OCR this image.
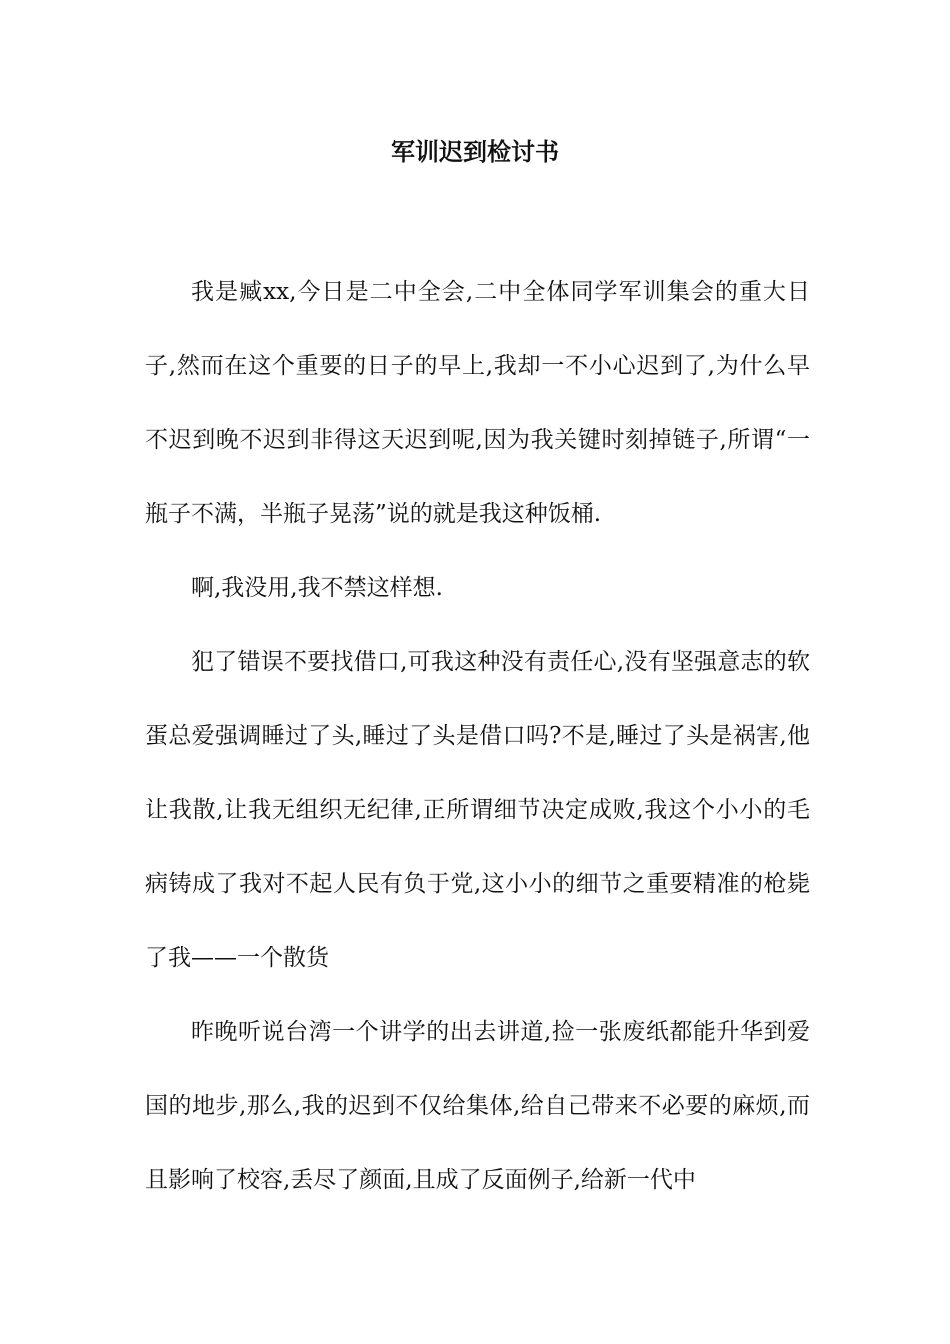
军训迟到检讨书

我是臧xx,今日是二中全会,二中全体同学军训集会的重大日子,然而在这个重要的日子的早上,我却一不小心迟到了,为什么早不迟到晚不迟到非得这天迟到呢,因为我关键时刻掉链子,所谓“一瓶子不满，半瓶子晃荡”说的就是我这种饭桶.

啊,我没用,我不禁这样想.

犯了错误不要找借口,可我这种没有责任心,没有坚强意志的软蛋总爱强调睡过了头,睡过了头是借口吗?不是,睡过了头是祸害,他让我散,让我无组织无纪律,正所谓细节决定成败,我这个小小的毛病铸成了我对不起人民有负于党,这小小的细节之重要精准的枪毙了我——一个散货

昨晚听说台湾一个讲学的出去讲道,捡一张废纸都能升华到爱国的地步,那么,我的迟到不仅给集体,给自己带来不必要的麻烦,而且影响了校容,丢尽了颜面,且成了反面例子,给新一代中
